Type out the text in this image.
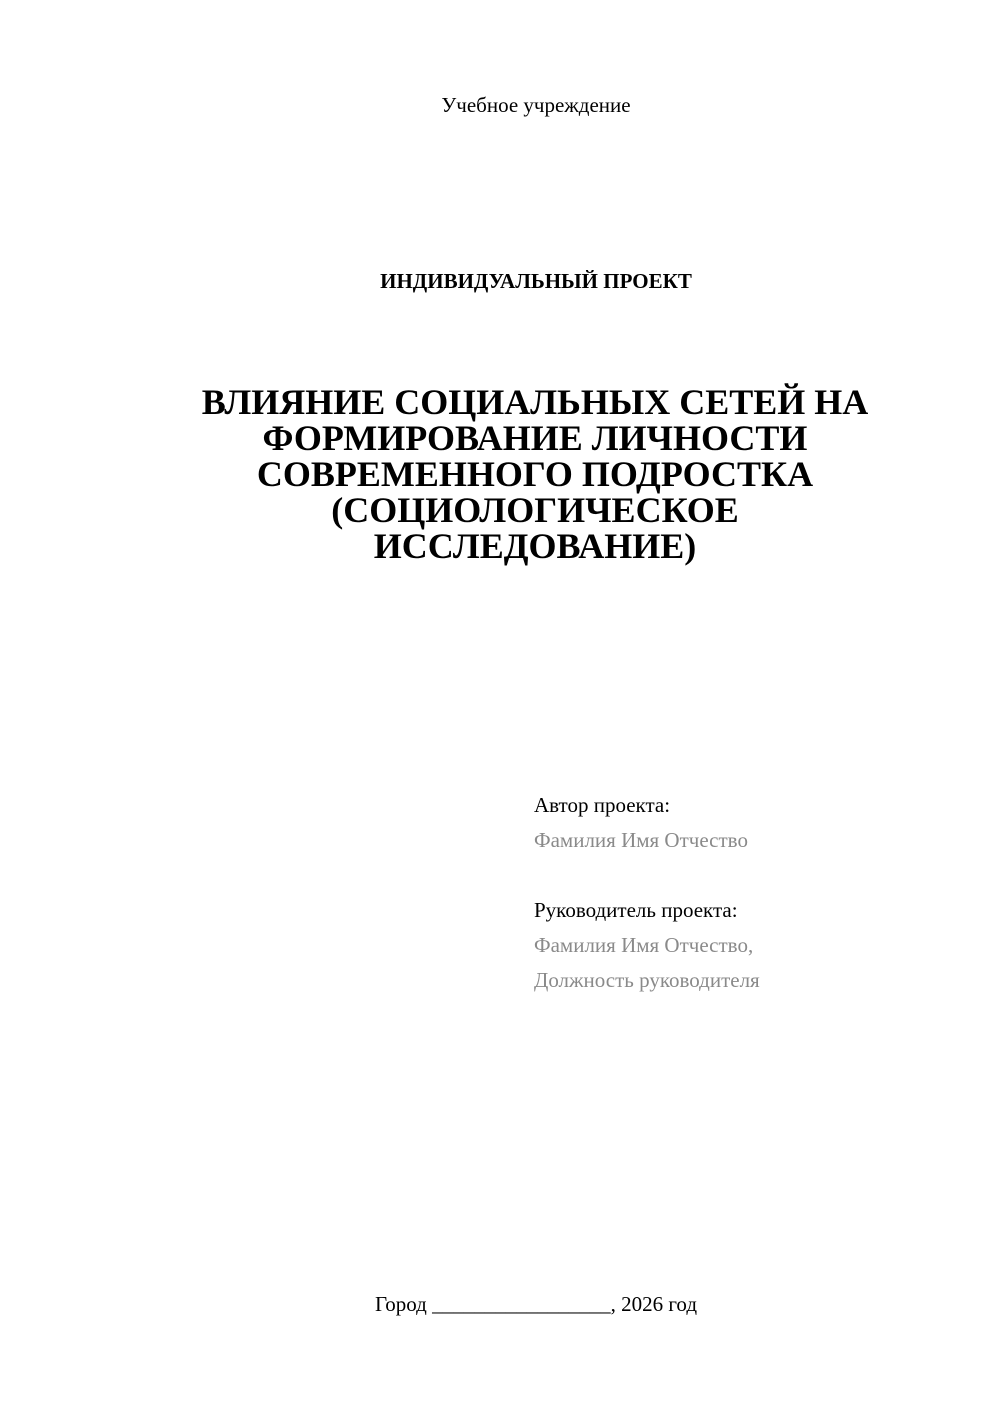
Учебное учреждение
ИНДИВИДУАЛЬНЫЙ ПРОЕКТ
ВЛИЯНИЕ СОЦИАЛЬНЫХ СЕТЕЙ НА
ФОРМИРОВАНИЕ ЛИЧНОСТИ
СОВРЕМЕННОГО ПОДРОСТКА
(СОЦИОЛОГИЧЕСКОЕ
ИССЛЕДОВАНИЕ)
Автор проекта:
Фамилия Имя Отчество
Руководитель проекта:
Фамилия Имя Отчество,
Должность руководителя
Город _________________, 2026 год
